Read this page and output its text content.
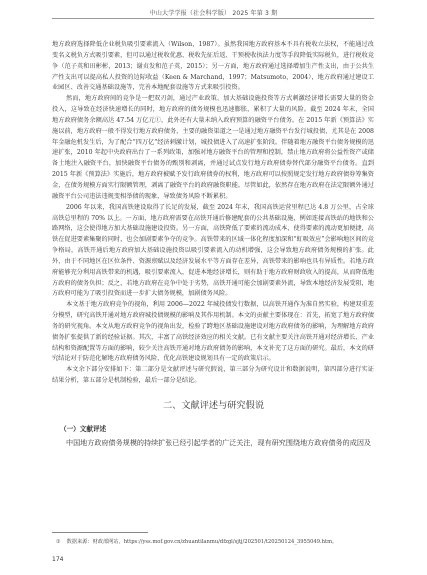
中山大学学报（社会科学版） 2025 年第 3 期

地方政府选择降低企业税负吸引要素流入（Wilson，1987）。虽然我国地方政府基本不具有税收立法权，不能通过改变名义税负方式吸引要素，但可以通过税收优惠、税收先征后返、干预税收执法力度等手段降低实际税负，进行税收竞争（范子英和田彬彬，2013；谢贞发和范子英，2015）；另一方面，地方政府通过选择增加生产性支出，由于公共生产性支出可以提高私人投资的边际收益（Keen & Marchand，1997；Matsumoto，2004），地方政府通过建设工业园区、改善交通基础设施等，完善本地配套设施等方式来吸引投资。

然而，地方政府间的竞争是一把双刃剑，通过产业政策、加大基础设施投资等方式刺激经济增长需要大量的资金投入，这导致在经济快速增长的同时，地方政府的债务规模也迅速膨胀，累积了大量的风险。截至 2024 年末，全国地方政府债务余额高达 47.54 万亿元①，此外还有大量未纳入政府预算的融资平台债务。在 2015 年新《预算法》实施以前，地方政府一般不得发行地方政府债务，主要的融资渠道之一是通过地方融资平台发行城投债，尤其是在 2008 年金融危机发生后，为了配合“四万亿”经济刺激计划，城投债进入了高速扩张阶段。伴随着地方融资平台债务规模的迅速扩张，2010 年起中央政府出台了一系列政策，加强对地方融资平台的管理和控制，禁止地方政府将公益性资产或储备土地注入融资平台，加快融资平台债务的甄别和剥离，并通过试点发行地方政府债券替代部分融资平台债务。直到 2015 年新《预算法》实施后，地方政府被赋予发行政府债券的权利，地方政府可以按照规定发行地方政府债券筹集资金，在债务规模方面实行限额管理，剥离了融资平台的政府融资职能。尽管如此，依然存在地方政府在法定限额外通过融资平台公司违法违规变相举债的现象，导致债务风险不断累积。

2006 年以来，我国高铁建设取得了长足的发展，截至 2024 年末，我国高铁运营里程已达 4.8 万公里，占全球高铁总里程的 70% 以上。一方面，地方政府需要在高铁开通后修建配套的公共基础设施，例如连接高铁站的地铁和公路网络，这会使得地方加大基础设施建设投资。另一方面，高铁降低了要素的流动成本，使得要素的流动更加便捷，高铁在促进要素集聚的同时，也会加剧要素争夺的竞争。高铁带来的区域一体化程度加深和“虹吸效应”会影响地区间的竞争格局，高铁开通后地方政府加大基础设施投资以吸引要素流入的动机增强，这会导致地方政府债务规模的扩张。此外，由于不同地区在区位条件、资源禀赋以及经济发展水平等方面存在差异，高铁带来的影响也具有异质性。若地方政府能够充分利用高铁带来的机遇，吸引要素流入，促进本地经济增长，则有助于地方政府财政收入的提高，从而降低地方政府的债务负担；反之，若地方政府在竞争中处于劣势，高铁开通可能会加剧要素外流，导致本地经济发展受阻，地方政府可能为了吸引投资而进一步扩大债务规模，加剧债务风险。

本文基于地方政府竞争的视角，利用 2006—2022 年城投债发行数据，以高铁开通作为准自然实验，构建双重差分模型，研究高铁开通对地方政府城投债规模的影响及其作用机制。本文的贡献主要体现在：首先，拓宽了地方政府债务的研究视角。本文从地方政府竞争的视角出发，检验了跨地区基础设施建设对地方政府债务的影响，为理解地方政府债务扩张提供了新的经验证据。其次，丰富了高铁经济效应的相关文献。已有文献主要关注高铁开通对经济增长、产业结构和资源配置等方面的影响，较少关注高铁开通对地方政府债务的影响，本文补充了这方面的研究。最后，本文的研究结论对于防范化解地方政府债务风险、优化高铁建设规划具有一定的政策启示。

本文余下部分安排如下：第二部分是文献评述与研究假说，第三部分为研究设计和数据说明，第四部分进行实证结果分析，第五部分是机制检验，最后一部分是结论。

二、文献评述与研究假说
（一）文献评述
中国地方政府债务规模的持续扩张已经引起学者的广泛关注，现有研究围绕地方政府债务的成因及
① 数据来源：财政部网站，https://yss.mof.gov.cn/zhuantilanmu/dfzgl/sjtj/202501/t20250124_3955049.htm。
174
